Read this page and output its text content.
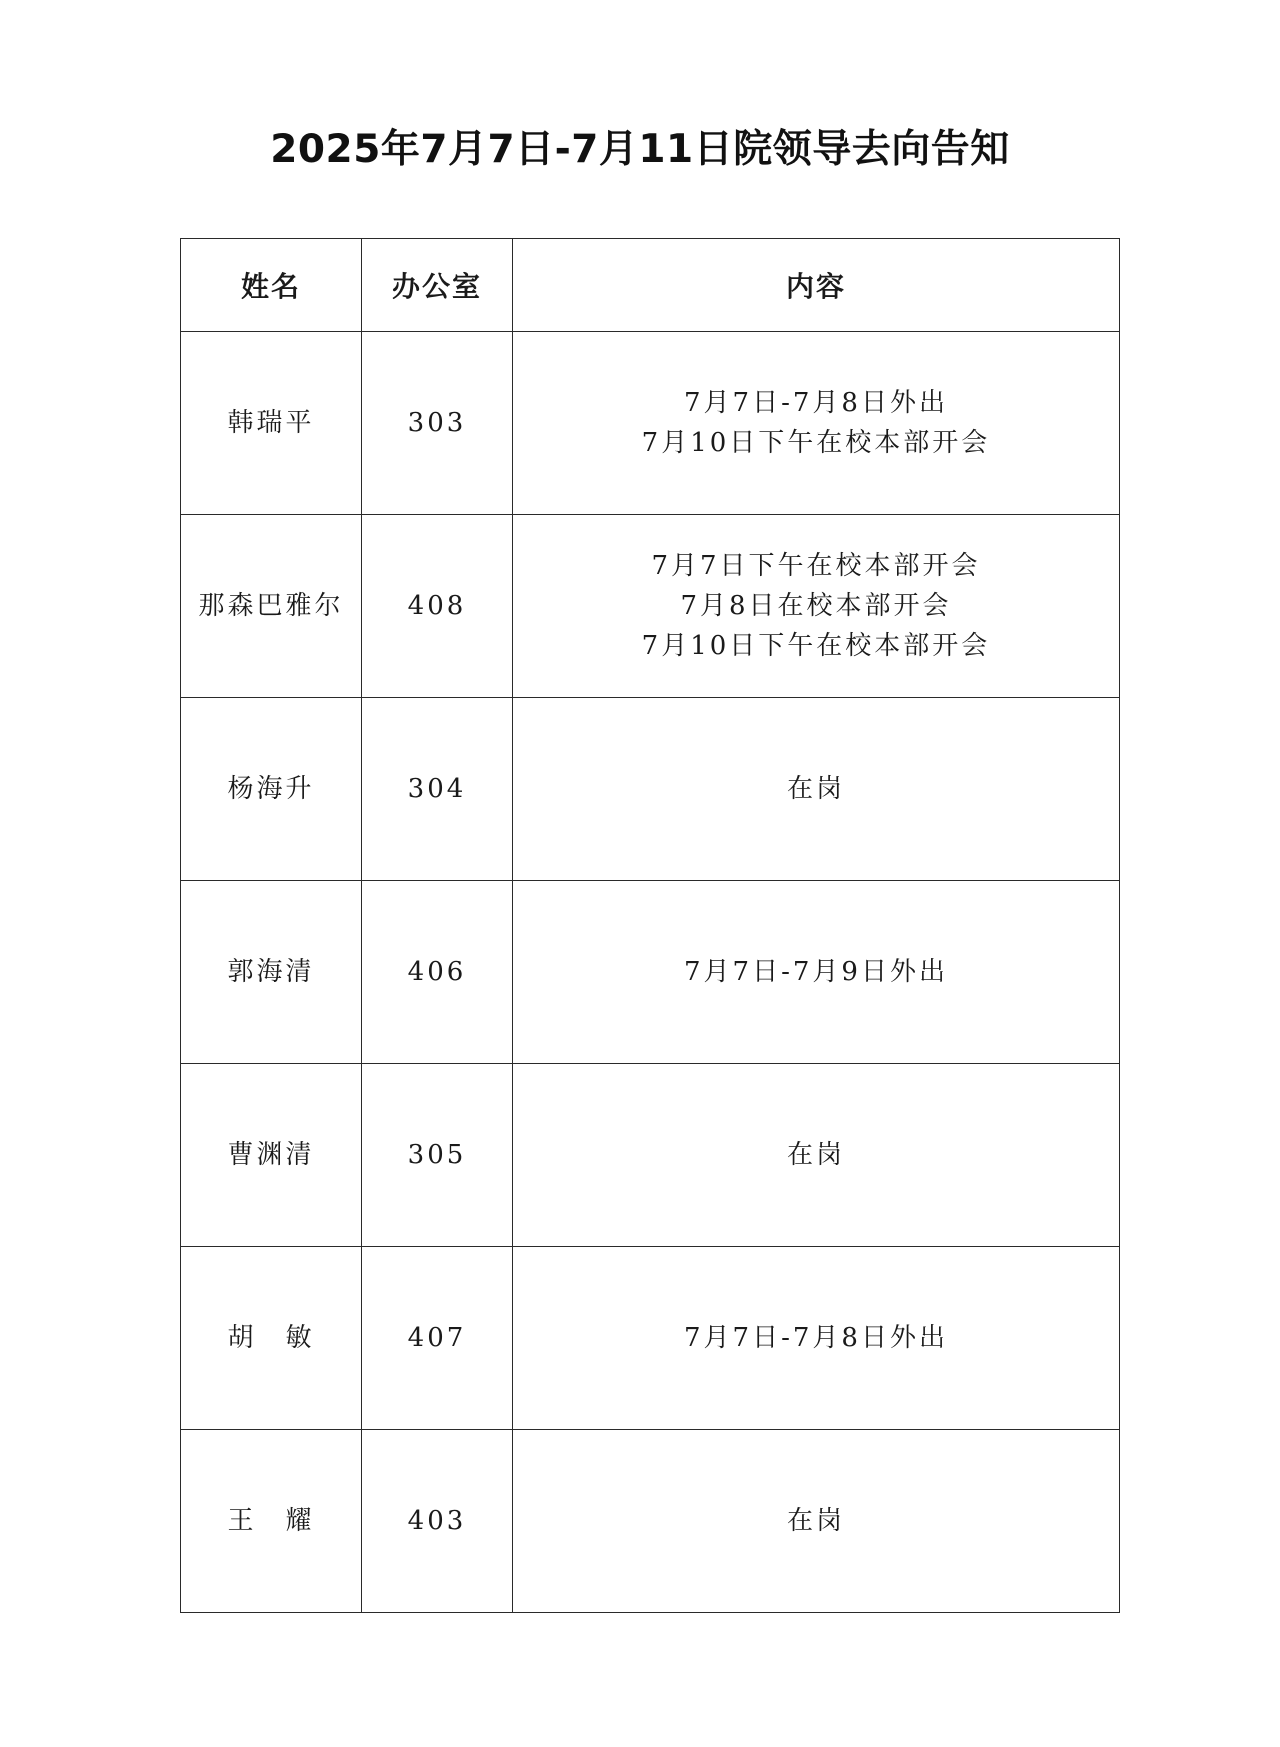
2025年7月7日-7月11日院领导去向告知
姓名	办公室	内容
韩瑞平	303	7月7日-7月8日外出
7月10日下午在校本部开会

那森巴雅尔	408	7月7日下午在校本部开会
7月8日在校本部开会
7月10日下午在校本部开会

杨海升	304	在岗

郭海清	406	7月7日-7月9日外出

曹渊清	305	在岗

胡　敏	407	7月7日-7月8日外出

王　耀	403	在岗
